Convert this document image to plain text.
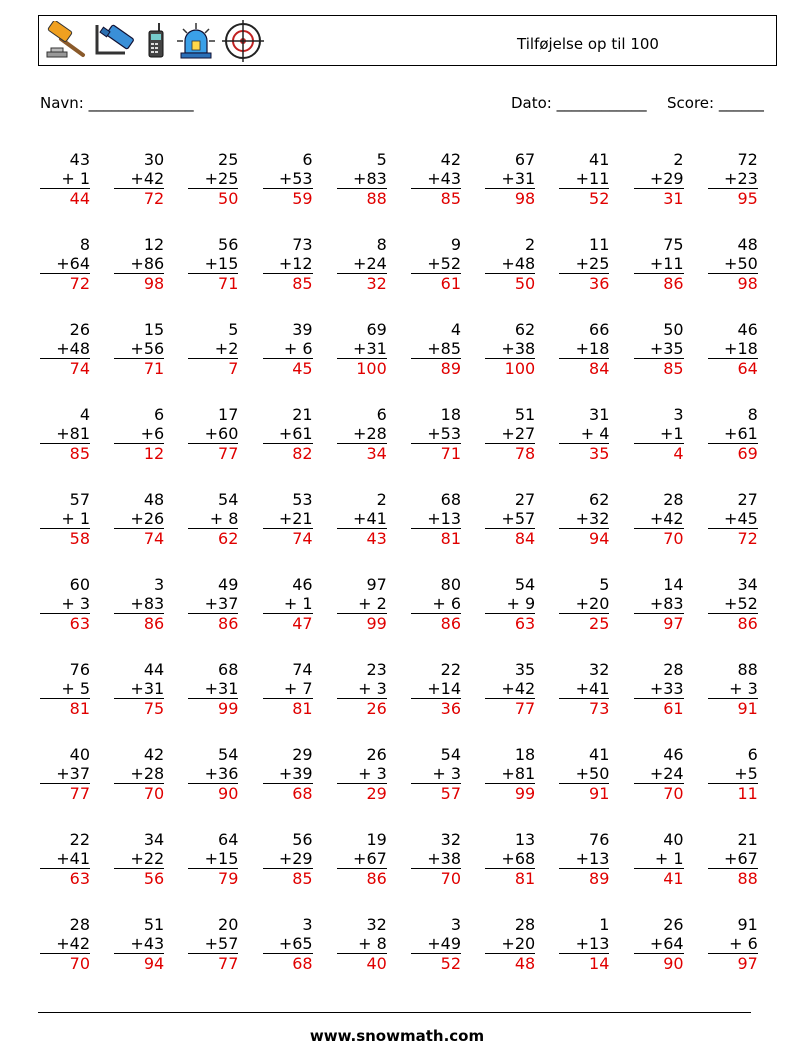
Tilføjelse op til 100
Navn: ______________	Dato: ____________ Score: ______
43
+ 1
44
30
+42
72
25
+25
50
6
+53
59
5
+83
88
42
+43
85
67
+31
98
41
+11
52
2
+29
31
72
+23
95
8
+64
72
12
+86
98
56
+15
71
73
+12
85
8
+24
32
9
+52
61
2
+48
50
11
+25
36
75
+11
86
48
+50
98
26
+48
74
15
+56
71
5
+2
7
39
+ 6
45
69
+31
100
4
+85
89
62
+38
100
66
+18
84
50
+35
85
46
+18
64
4
+81
85
6
+6
12
17
+60
77
21
+61
82
6
+28
34
18
+53
71
51
+27
78
31
+ 4
35
3
+1
4
8
+61
69
57
+ 1
58
48
+26
74
54
+ 8
62
53
+21
74
2
+41
43
68
+13
81
27
+57
84
62
+32
94
28
+42
70
27
+45
72
60
+ 3
63
3
+83
86
49
+37
86
46
+ 1
47
97
+ 2
99
80
+ 6
86
54
+ 9
63
5
+20
25
14
+83
97
34
+52
86
76
+ 5
81
44
+31
75
68
+31
99
74
+ 7
81
23
+ 3
26
22
+14
36
35
+42
77
32
+41
73
28
+33
61
88
+ 3
91
40
+37
77
42
+28
70
54
+36
90
29
+39
68
26
+ 3
29
54
+ 3
57
18
+81
99
41
+50
91
46
+24
70
6
+5
11
22
+41
63
34
+22
56
64
+15
79
56
+29
85
19
+67
86
32
+38
70
13
+68
81
76
+13
89
40
+ 1
41
21
+67
88
28
+42
70
51
+43
94
20
+57
77
3
+65
68
32
+ 8
40
3
+49
52
28
+20
48
1
+13
14
26
+64
90
91
+ 6
97
www.snowmath.com
